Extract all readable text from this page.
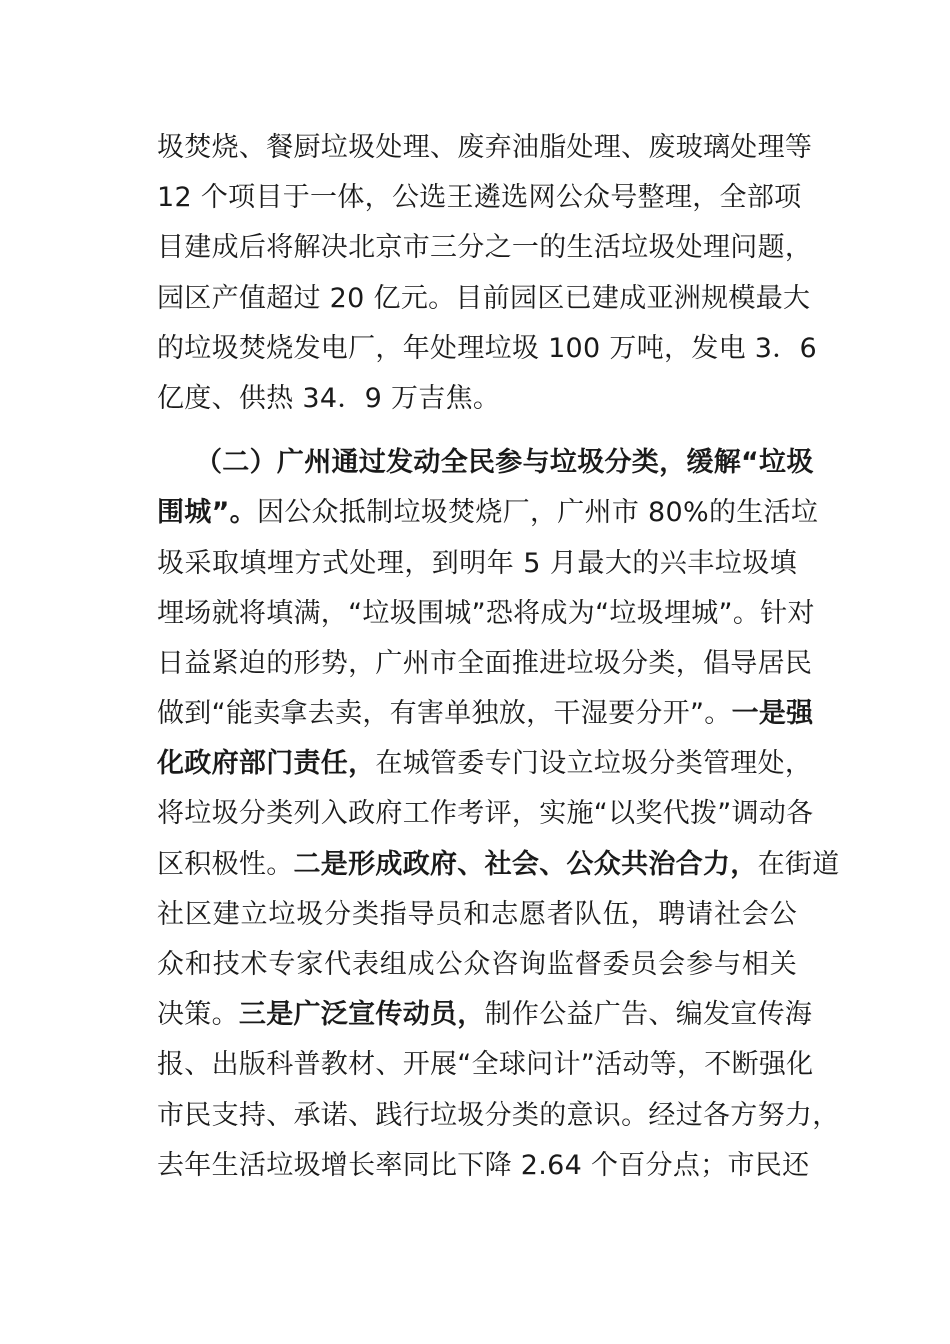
圾焚烧、餐厨垃圾处理、废弃油脂处理、废玻璃处理等
12 个项目于一体，公选王遴选网公众号整理，全部项
目建成后将解决北京市三分之一的生活垃圾处理问题，
园区产值超过 20 亿元。目前园区已建成亚洲规模最大
的垃圾焚烧发电厂，年处理垃圾 100 万吨，发电 3．6
亿度、供热 34．9 万吉焦。
（二）广州通过发动全民参与垃圾分类，缓解“垃圾
围城”。因公众抵制垃圾焚烧厂，广州市 80%的生活垃
圾采取填埋方式处理，到明年 5 月最大的兴丰垃圾填
埋场就将填满，“垃圾围城”恐将成为“垃圾埋城”。针对
日益紧迫的形势，广州市全面推进垃圾分类，倡导居民
做到“能卖拿去卖，有害单独放，干湿要分开”。一是强
化政府部门责任，在城管委专门设立垃圾分类管理处，
将垃圾分类列入政府工作考评，实施“以奖代拨”调动各
区积极性。二是形成政府、社会、公众共治合力，在街道
社区建立垃圾分类指导员和志愿者队伍，聘请社会公
众和技术专家代表组成公众咨询监督委员会参与相关
决策。三是广泛宣传动员，制作公益广告、编发宣传海
报、出版科普教材、开展“全球问计”活动等，不断强化
市民支持、承诺、践行垃圾分类的意识。经过各方努力，
去年生活垃圾增长率同比下降 2.64 个百分点；市民还
